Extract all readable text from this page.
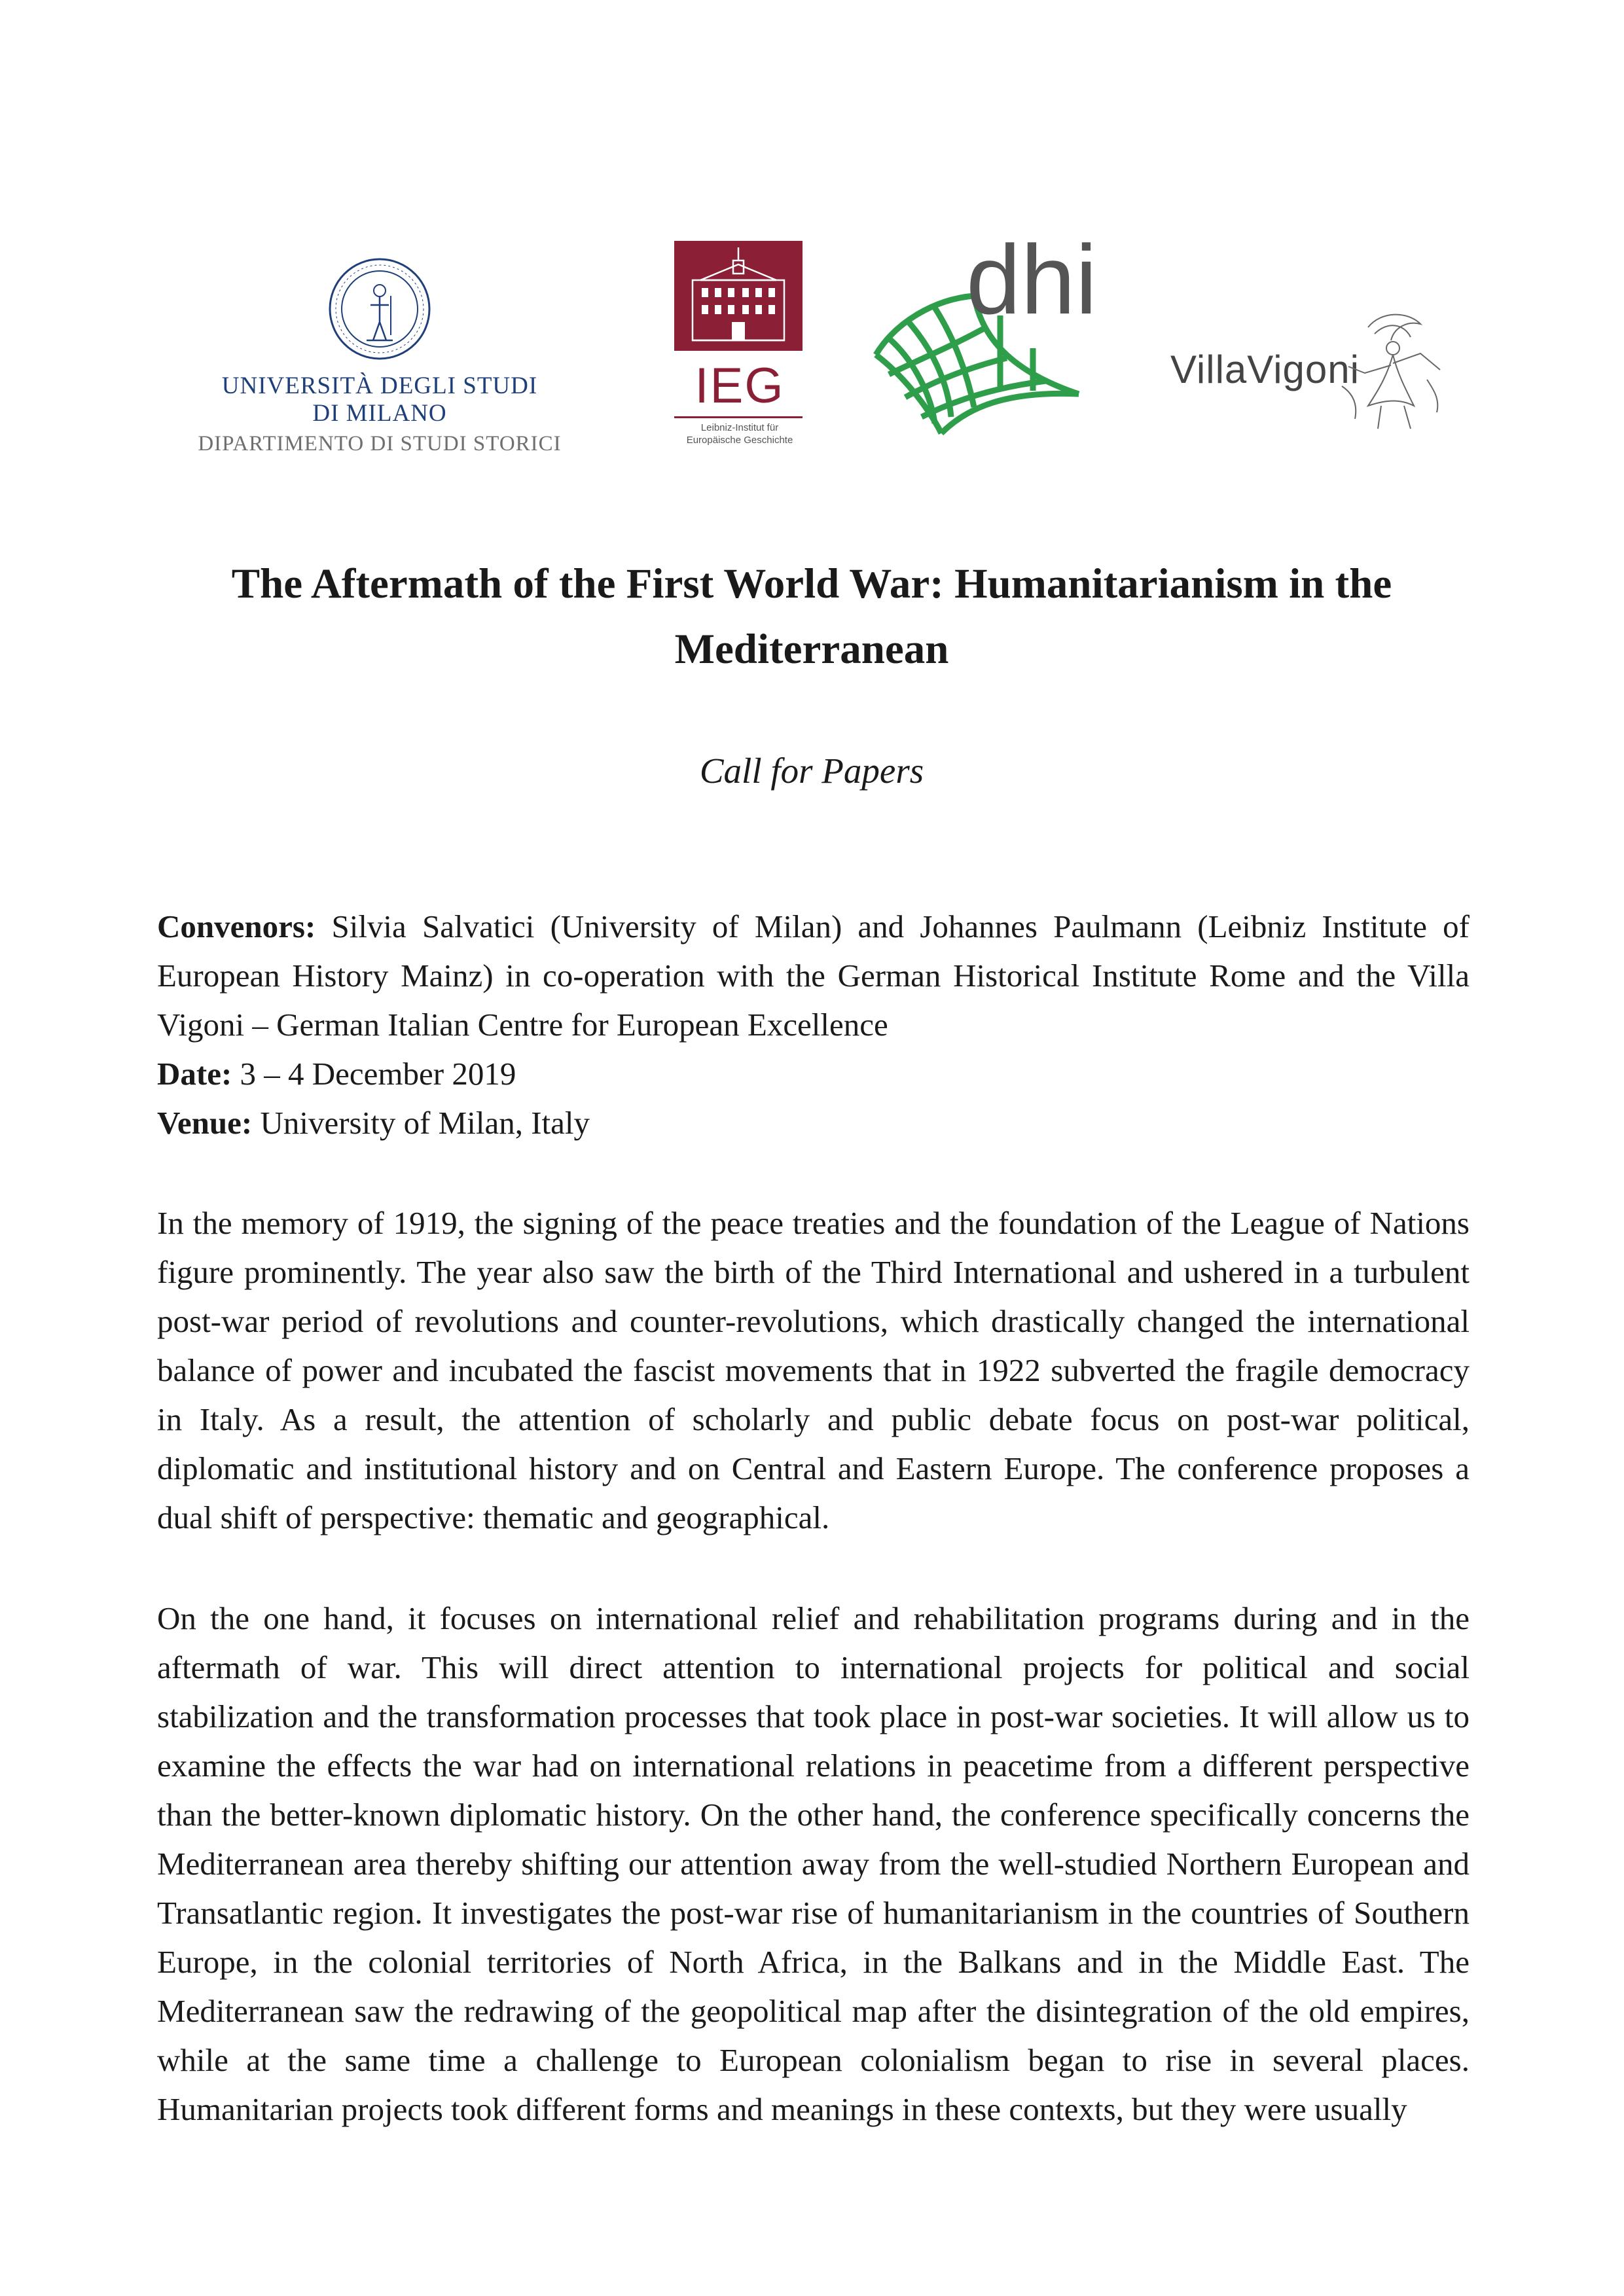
UNIVERSITÀ DEGLI STUDI
DI MILANO
DIPARTIMENTO DI STUDI STORICI
IEG
Leibniz-Institut für
Europäische Geschichte
dhi
VillaVigoni
The Aftermath of the First World War: Humanitarianism in the Mediterranean
Call for Papers
Convenors: Silvia Salvatici (University of Milan) and Johannes Paulmann (Leibniz Institute of European History Mainz) in co-operation with the German Historical Institute Rome and the Villa Vigoni – German Italian Centre for European Excellence
Date: 3 – 4 December 2019
Venue: University of Milan, Italy

In the memory of 1919, the signing of the peace treaties and the foundation of the League of Nations figure prominently. The year also saw the birth of the Third International and ushered in a turbulent post-war period of revolutions and counter-revolutions, which drastically changed the international balance of power and incubated the fascist movements that in 1922 subverted the fragile democracy in Italy. As a result, the attention of scholarly and public debate focus on post-war political, diplomatic and institutional history and on Central and Eastern Europe. The conference proposes a dual shift of perspective: thematic and geographical.

On the one hand, it focuses on international relief and rehabilitation programs during and in the aftermath of war. This will direct attention to international projects for political and social stabilization and the transformation processes that took place in post-war societies. It will allow us to examine the effects the war had on international relations in peacetime from a different perspective than the better-known diplomatic history. On the other hand, the conference specifically concerns the Mediterranean area thereby shifting our attention away from the well-studied Northern European and Transatlantic region. It investigates the post-war rise of humanitarianism in the countries of Southern Europe, in the colonial territories of North Africa, in the Balkans and in the Middle East. The Mediterranean saw the redrawing of the geopolitical map after the disintegration of the old empires, while at the same time a challenge to European colonialism began to rise in several places. Humanitarian projects took different forms and meanings in these contexts, but they were usually
